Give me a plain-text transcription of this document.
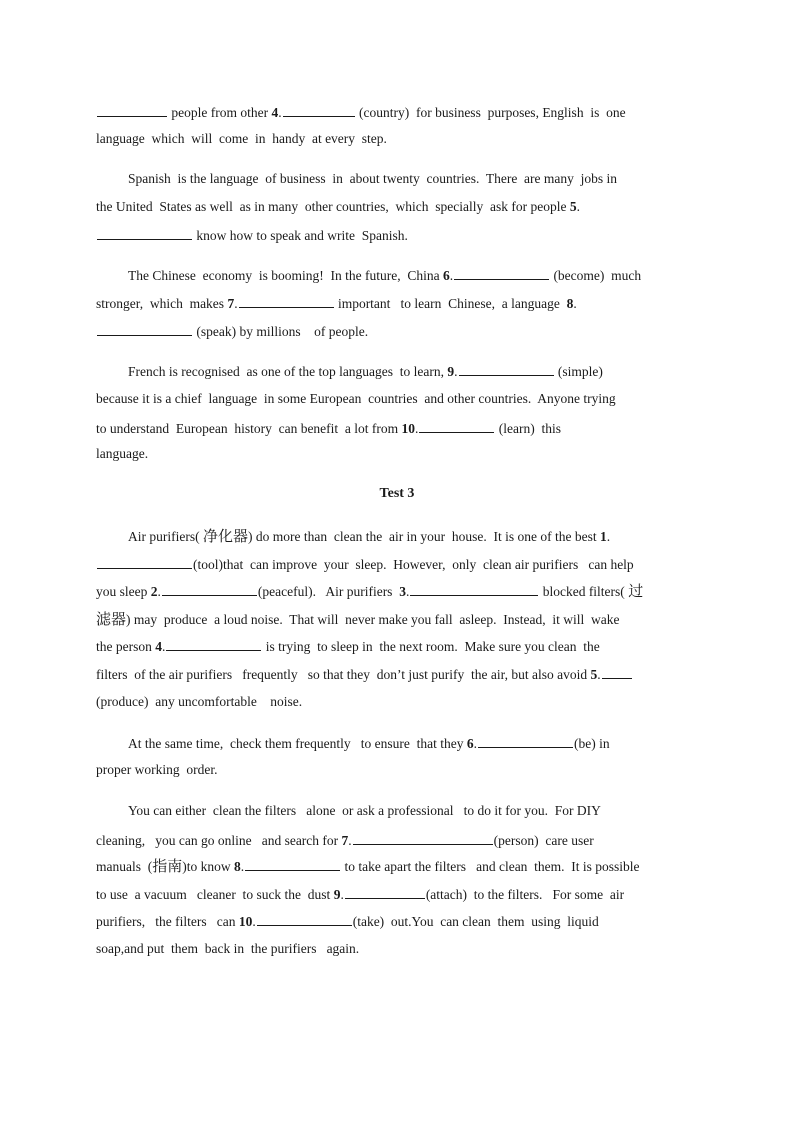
people from other 4.	(country)  for business  purposes, English  is  one
language  which  will  come  in  handy  at every  step.
Spanish  is the language  of business  in  about twenty  countries.  There  are many  jobs in
the United  States as well  as in many  other countries,  which  specially  ask for people 5.
know how to speak and write  Spanish.
The Chinese  economy  is booming!  In the future,  China 6.	(become)  much
stronger,  which  makes 7.	important   to learn  Chinese,  a language  8.
(speak) by millions    of people.
French is recognised  as one of the top languages  to learn, 9.	(simple)
because it is a chief  language  in some European  countries  and other countries.  Anyone trying
to understand  European  history  can benefit  a lot from 10.	(learn)  this
language.
Test 3
Air purifiers( 净化器) do more than  clean the  air in your  house.  It is one of the best 1.
(tool)that  can improve  your  sleep.  However,  only  clean air purifiers   can help
you sleep 2.	(peaceful).   Air purifiers  3.	blocked filters( 过
滤器) may  produce  a loud noise.  That will  never make you fall  asleep.  Instead,  it will  wake
the person 4.	is trying  to sleep in  the next room.  Make sure you clean  the
filters  of the air purifiers   frequently   so that they  don’t just purify  the air, but also avoid 5.
(produce)  any uncomfortable    noise.
At the same time,  check them frequently   to ensure  that they 6.	(be) in
proper working  order.
You can either  clean the filters   alone  or ask a professional   to do it for you.  For DIY
cleaning,   you can go online   and search for 7.	(person)  care user
manuals  (指南)to know 8.	to take apart the filters   and clean  them.  It is possible
to use  a vacuum   cleaner  to suck the  dust 9.	(attach)  to the filters.   For some  air
purifiers,   the filters   can 10.	(take)  out.You  can clean  them  using  liquid
soap,and put  them  back in  the purifiers   again.
